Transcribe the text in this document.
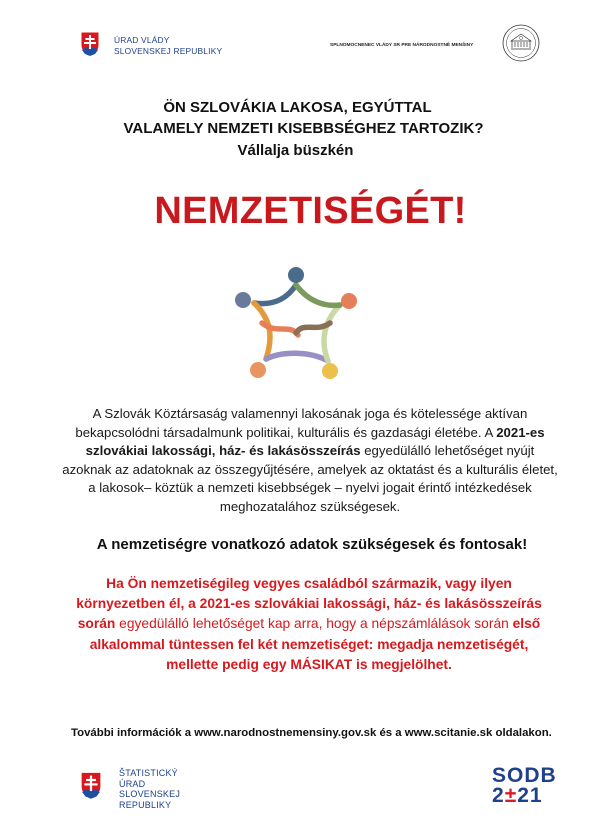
ÚRAD VLÁDY
SLOVENSKEJ REPUBLIKY	SPLNOMOCNENEC VLÁDY SR PRE NÁRODNOSTNÉ MENŠINY
ÖN SZLOVÁKIA LAKOSA, EGYÚTTAL
VALAMELY NEMZETI KISEBBSÉGHEZ TARTOZIK?
Vállalja büszkén
NEMZETISÉGÉT!
A Szlovák Köztársaság valamennyi lakosának joga és kötelessége aktívan bekapcsolódni társadalmunk politikai, kulturális és gazdasági életébe. A 2021-es szlovákiai lakossági, ház- és lakásösszeírás egyedülálló lehetőséget nyújt azoknak az adatoknak az összegyűjtésére, amelyek az oktatást és a kulturális életet, a lakosok– köztük a nemzeti kisebbségek – nyelvi jogait érintő intézkedések meghozatalához szükségesek.
A nemzetiségre vonatkozó adatok szükségesek és fontosak!
Ha Ön nemzetiségileg vegyes családból származik, vagy ilyen környezetben él, a 2021-es szlovákiai lakossági, ház- és lakásösszeírás során egyedülálló lehetőséget kap arra, hogy a népszámlálások során első alkalommal tüntessen fel két nemzetiséget: megadja nemzetiségét, mellette pedig egy MÁSIKAT is megjelölhet.
További információk a www.narodnostnemensiny.gov.sk és a www.scitanie.sk oldalakon.
ŠTATISTICKÝ
ÚRAD
SLOVENSKEJ
REPUBLIKY
SODB
2±21
